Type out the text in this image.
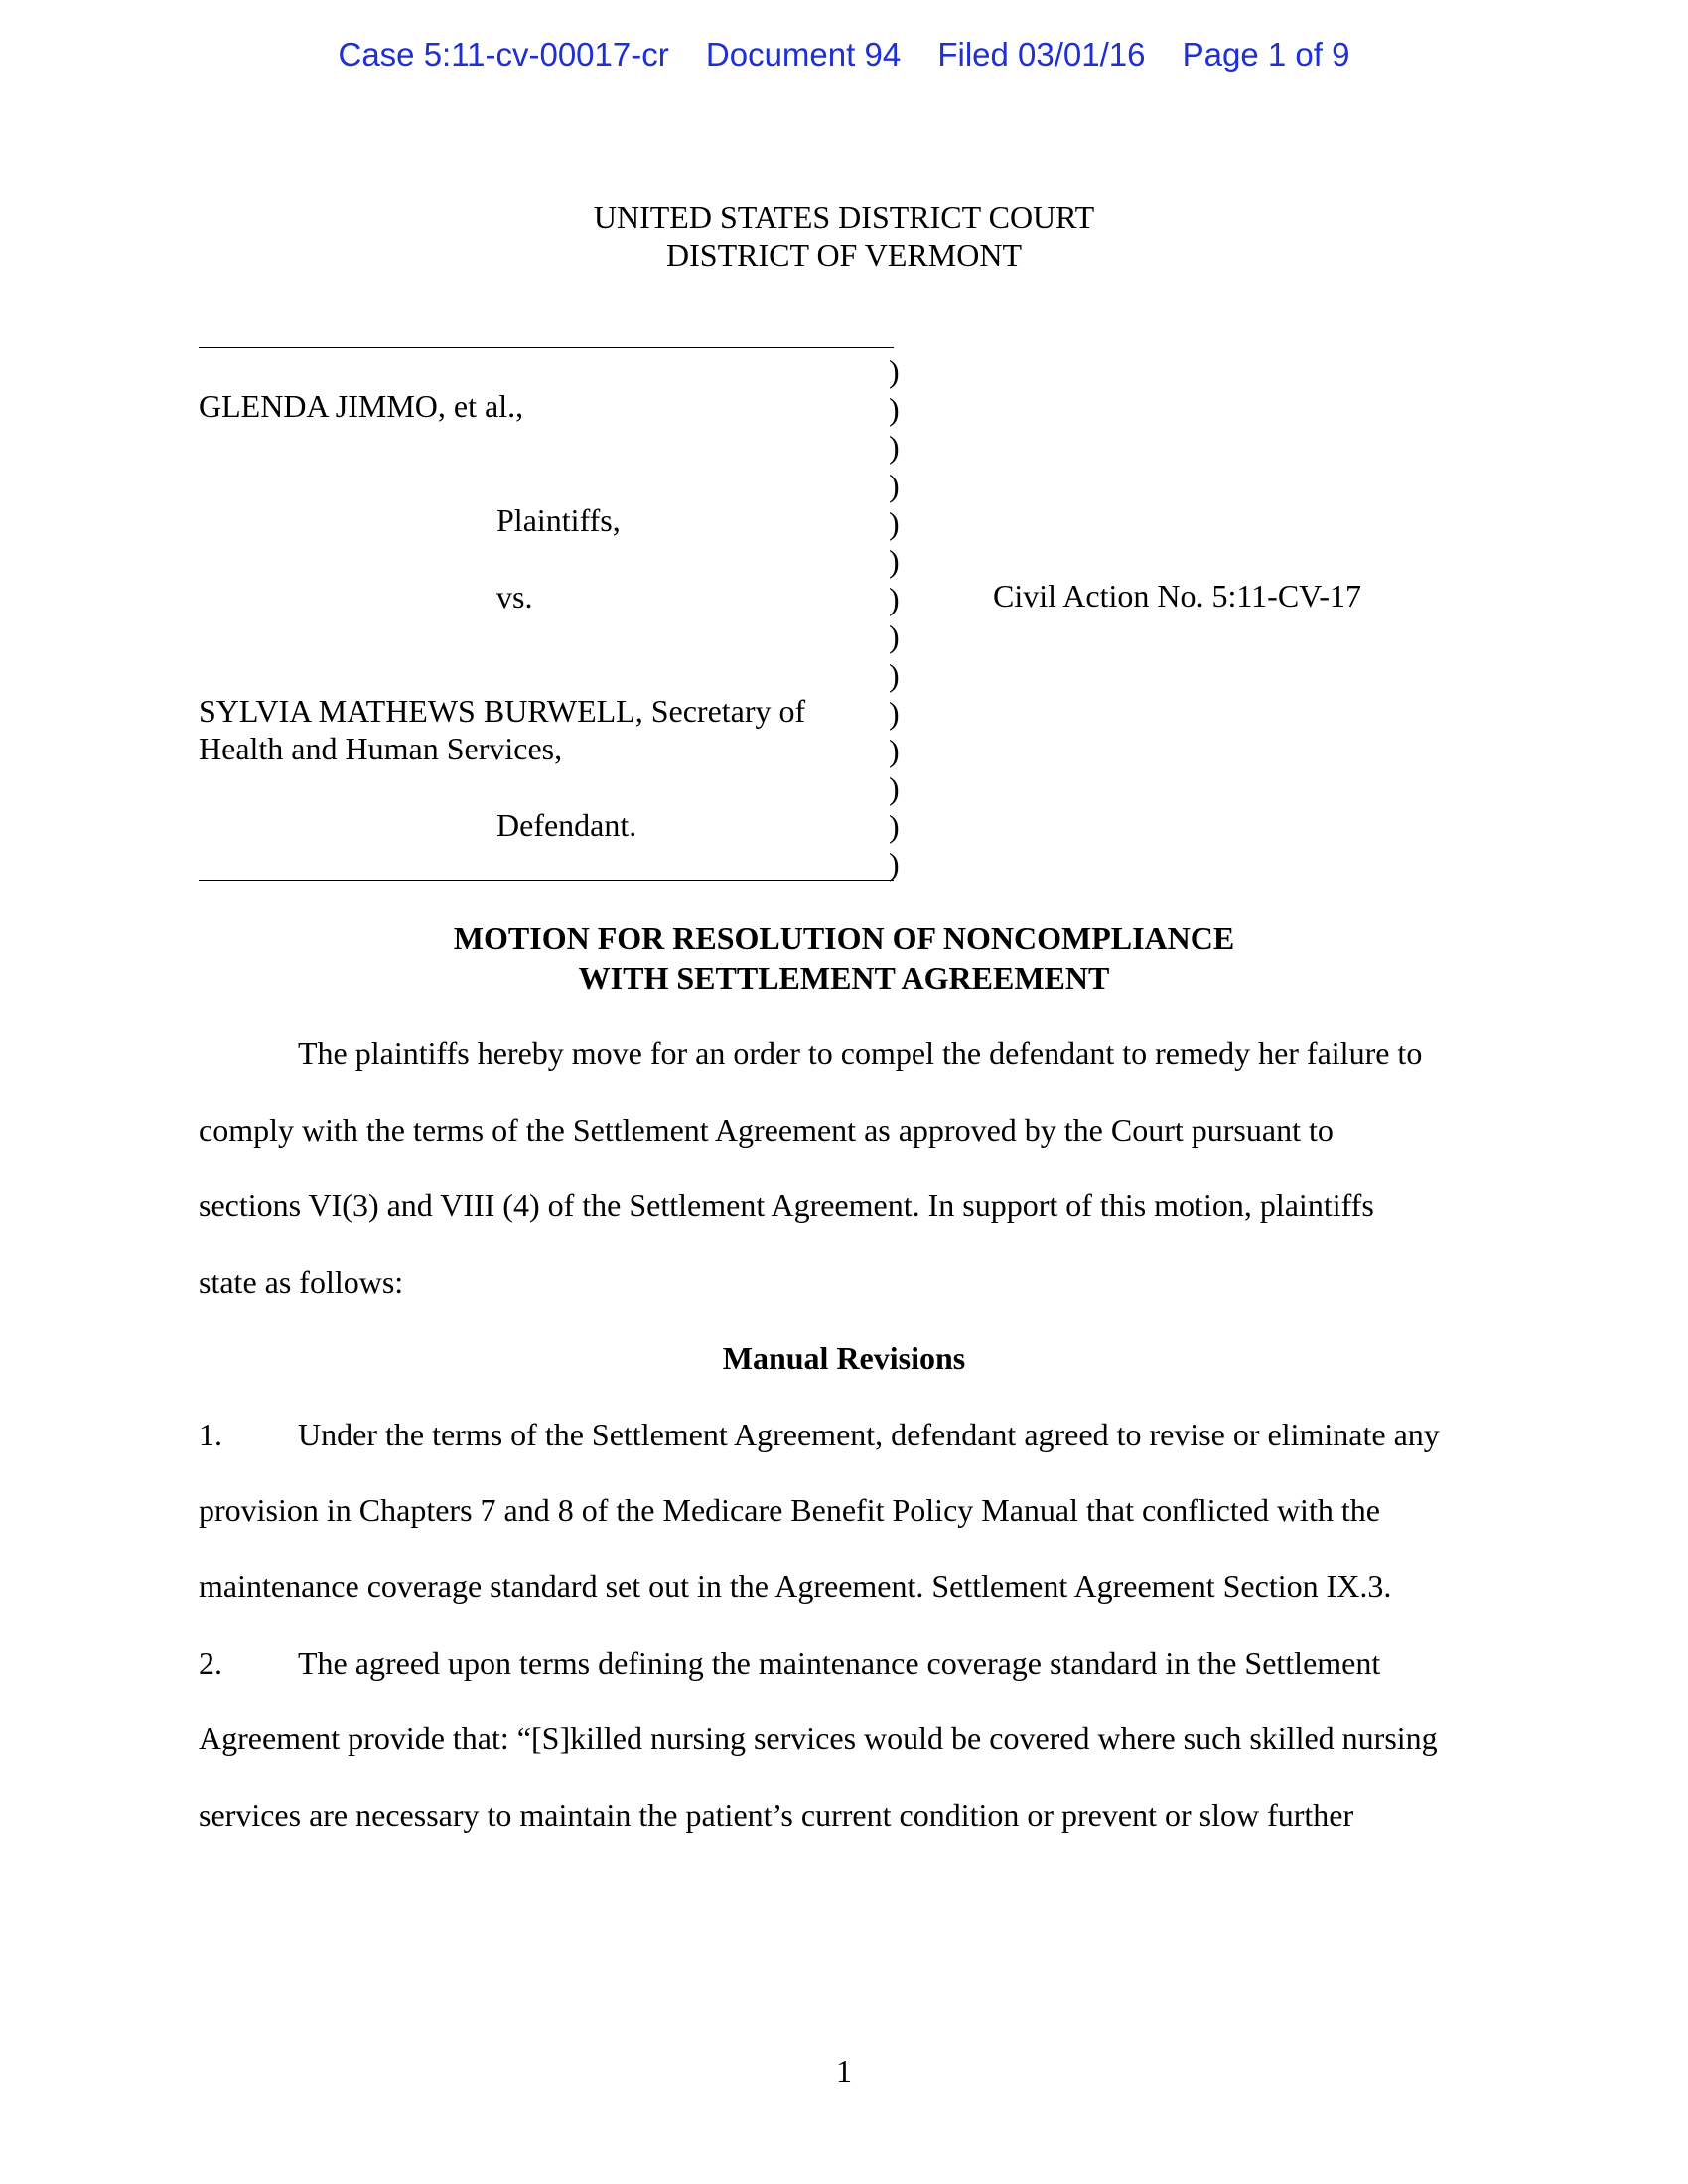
Case 5:11-cv-00017-cr Document 94 Filed 03/01/16 Page 1 of 9
UNITED STATES DISTRICT COURT
DISTRICT OF VERMONT
)
)
)
)
)
)
)
)
)
)
)
)
)
)
GLENDA JIMMO, et al.,
Plaintiffs,
vs.
SYLVIA MATHEWS BURWELL, Secretary of
Health and Human Services,
Defendant.
Civil Action No. 5:11-CV-17
MOTION FOR RESOLUTION OF NONCOMPLIANCE
WITH SETTLEMENT AGREEMENT
The plaintiffs hereby move for an order to compel the defendant to remedy her failure to
comply with the terms of the Settlement Agreement as approved by the Court pursuant to
sections VI(3) and VIII (4) of the Settlement Agreement. In support of this motion, plaintiffs
state as follows:
Manual Revisions
1. Under the terms of the Settlement Agreement, defendant agreed to revise or eliminate any
provision in Chapters 7 and 8 of the Medicare Benefit Policy Manual that conflicted with the
maintenance coverage standard set out in the Agreement. Settlement Agreement Section IX.3.
2. The agreed upon terms defining the maintenance coverage standard in the Settlement
Agreement provide that: “[S]killed nursing services would be covered where such skilled nursing
services are necessary to maintain the patient’s current condition or prevent or slow further
1
